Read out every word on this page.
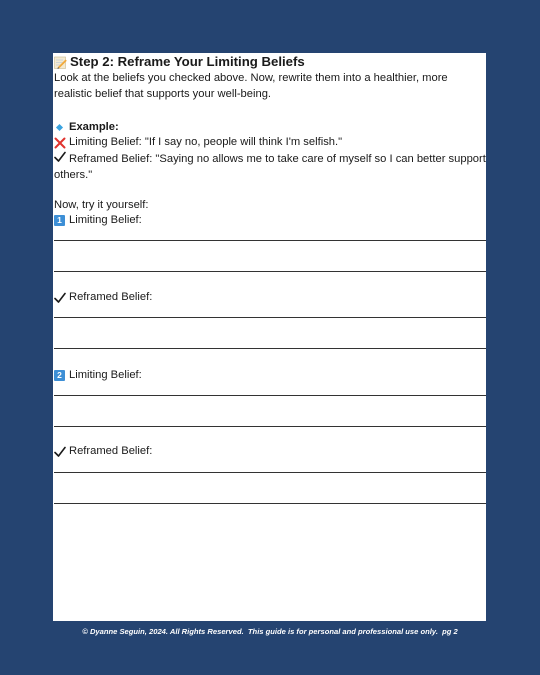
Step 2: Reframe Your Limiting Beliefs
Look at the beliefs you checked above. Now, rewrite them into a healthier, more realistic belief that supports your well-being.
Example:
Limiting Belief: "If I say no, people will think I'm selfish."
Reframed Belief: "Saying no allows me to take care of myself so I can better support others."
Now, try it yourself:
1 Limiting Belief:
Reframed Belief:
2 Limiting Belief:
Reframed Belief:
© Dyanne Seguin, 2024. All Rights Reserved.  This guide is for personal and professional use only.  pg 2
